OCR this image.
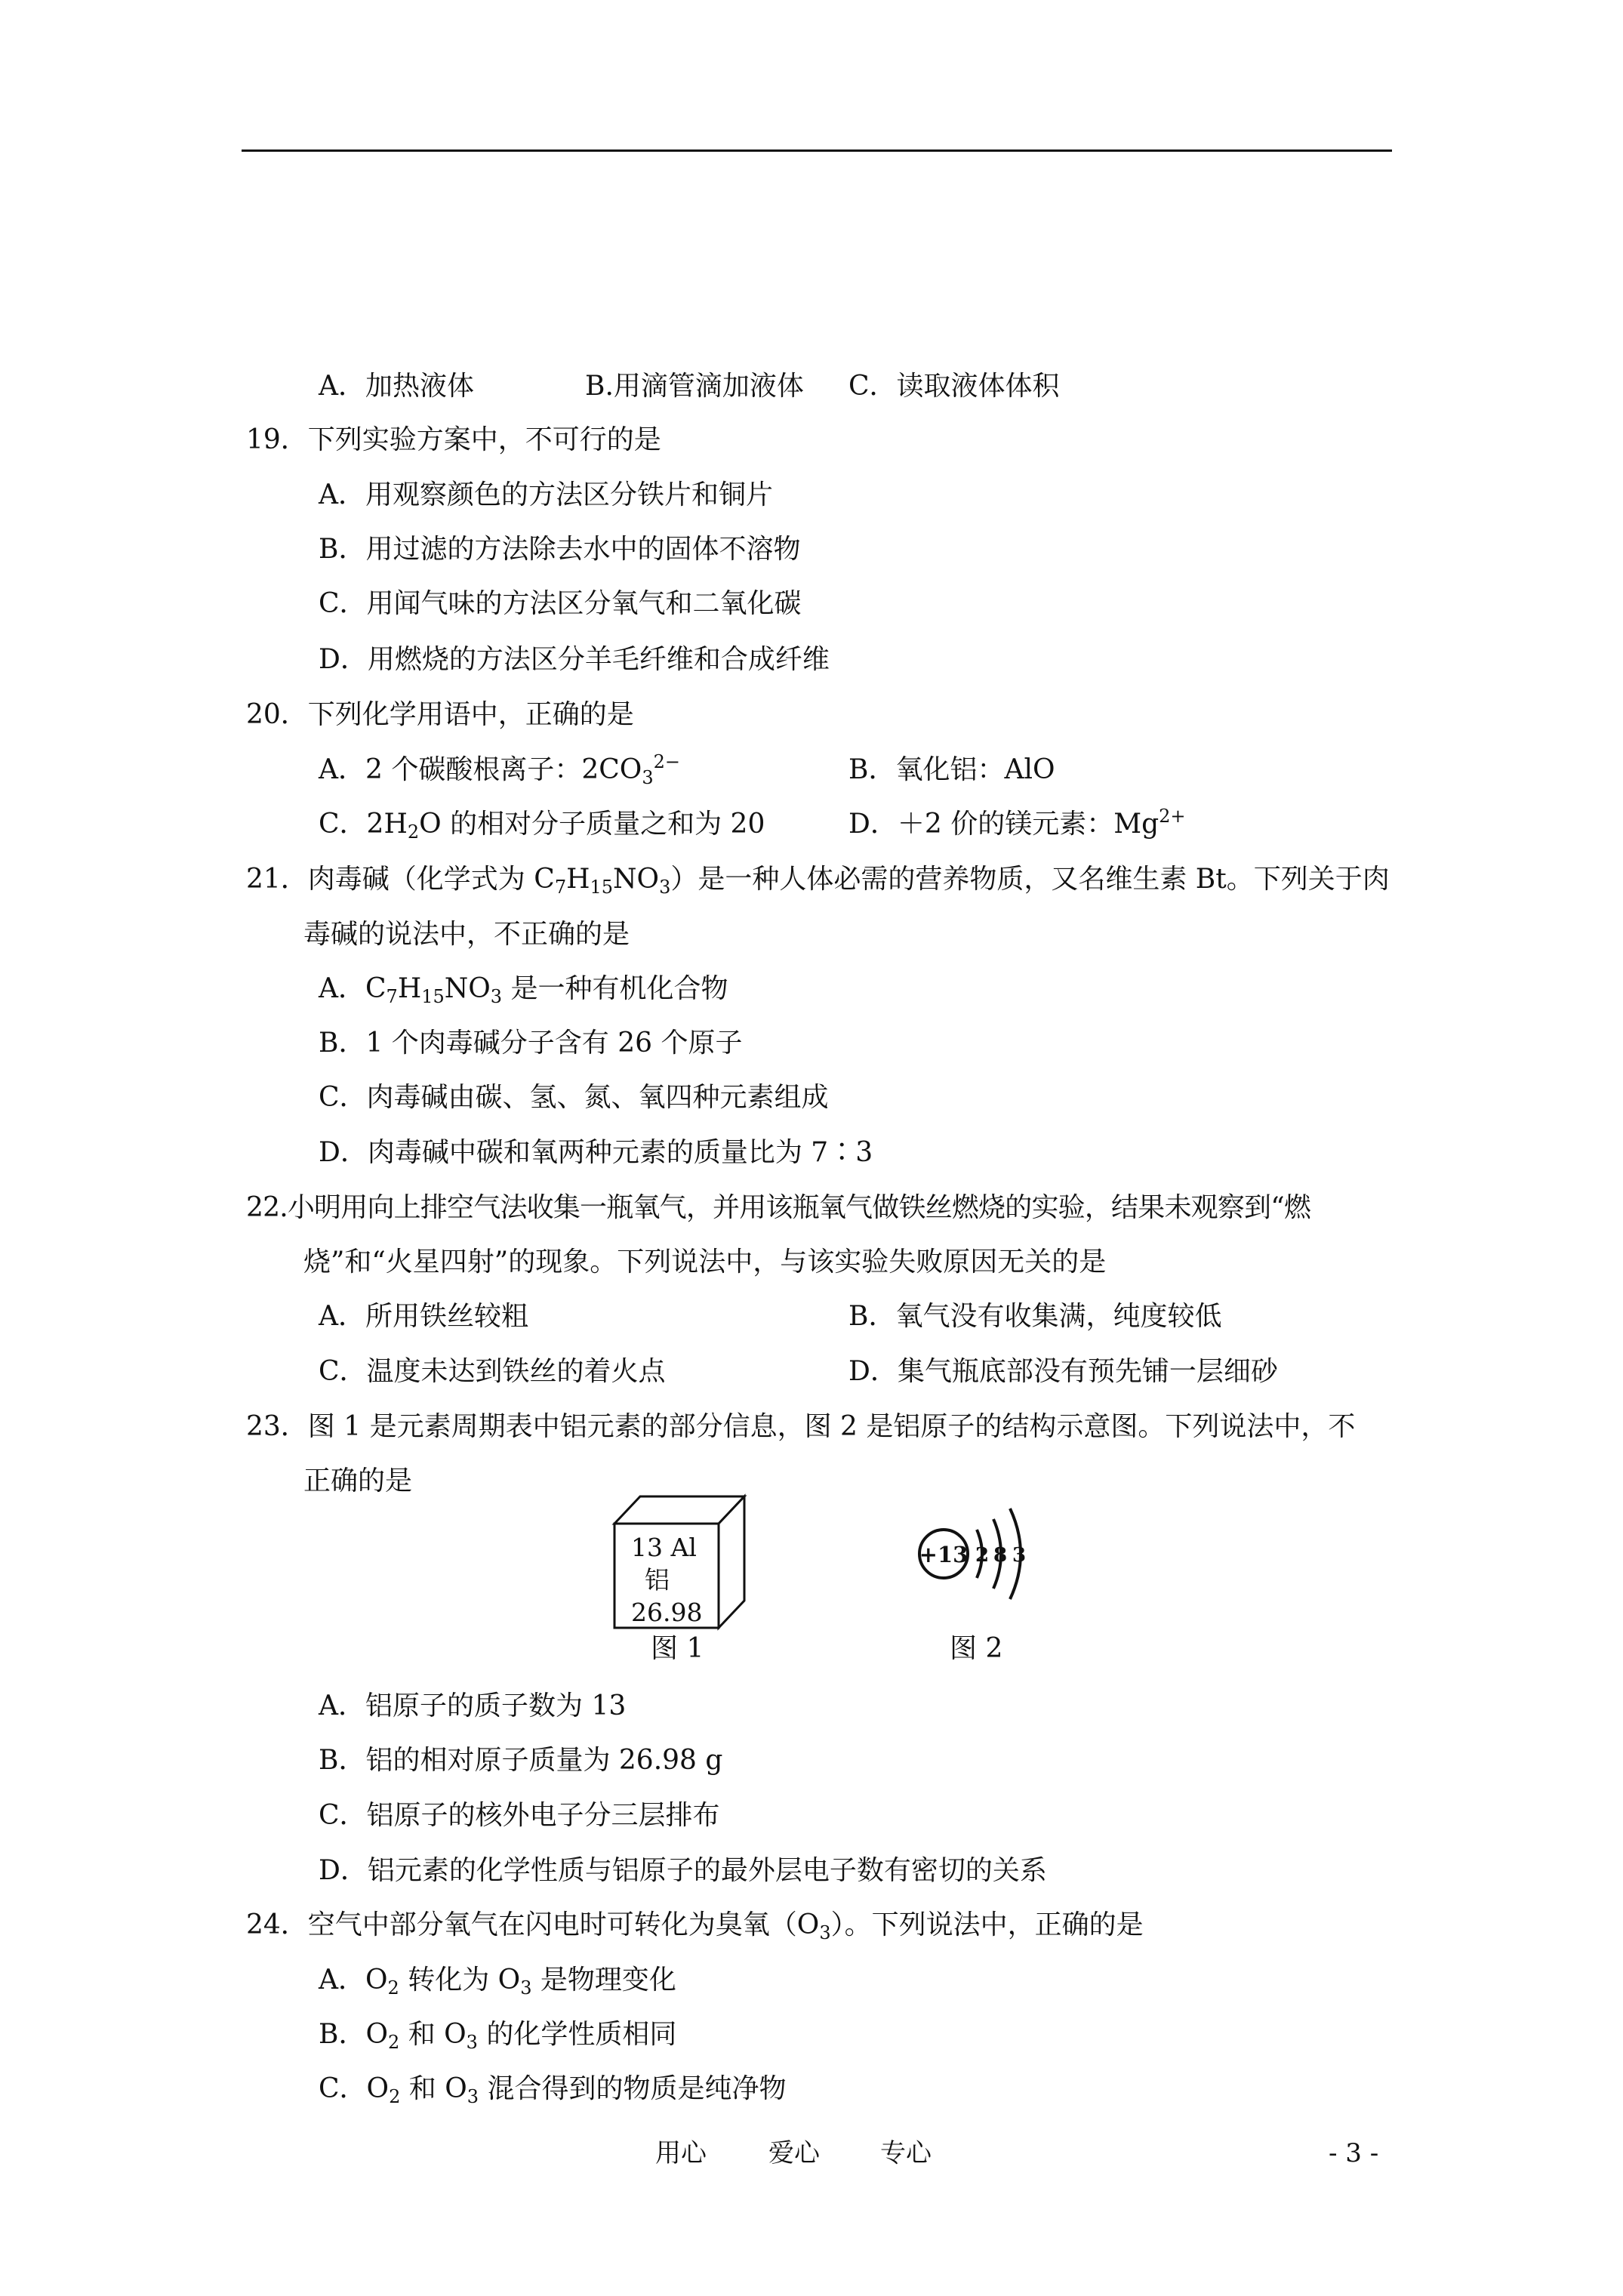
A．加热液体	B.用滴管滴加液体 C．读取液体体积
19．下列实验方案中，不可行的是
A．用观察颜色的方法区分铁片和铜片
B．用过滤的方法除去水中的固体不溶物
C．用闻气味的方法区分氧气和二氧化碳
D．用燃烧的方法区分羊毛纤维和合成纤维
20．下列化学用语中，正确的是
A．2 个碳酸根离子：$2CO_3^{2-}$	B．氧化铝：AlO
C．$2H_2O$ 的相对分子质量之和为 20	D．＋2 价的镁元素：$Mg^{2+}$
21．肉毒碱（化学式为 $C_7H_{15}NO_3$）是一种人体必需的营养物质，又名维生素 Bt。下列关于肉
毒碱的说法中，不正确的是
A．$C_7H_{15}NO_3$ 是一种有机化合物
B．1 个肉毒碱分子含有 26 个原子
C．肉毒碱由碳、氢、氮、氧四种元素组成
D．肉毒碱中碳和氧两种元素的质量比为 7∶3
22.小明用向上排空气法收集一瓶氧气，并用该瓶氧气做铁丝燃烧的实验，结果未观察到“燃
烧”和“火星四射”的现象。下列说法中，与该实验失败原因无关的是
A．所用铁丝较粗	B．氧气没有收集满，纯度较低
C．温度未达到铁丝的着火点	D．集气瓶底部没有预先铺一层细砂
23．图 1 是元素周期表中铝元素的部分信息，图 2 是铝原子的结构示意图。下列说法中，不
正确的是
13 Al
铝
26.98
图 1
+13 2 8 3
图 2
A．铝原子的质子数为 13
B．铝的相对原子质量为 26.98 g
C．铝原子的核外电子分三层排布
D．铝元素的化学性质与铝原子的最外层电子数有密切的关系
24．空气中部分氧气在闪电时可转化为臭氧$(O_3)$。下列说法中，正确的是
A．$O_2$ 转化为 $O_3$ 是物理变化
B．$O_2$ 和 $O_3$ 的化学性质相同
C．$O_2$ 和 $O_3$ 混合得到的物质是纯净物
用心 爱心 专心	- 3 -
